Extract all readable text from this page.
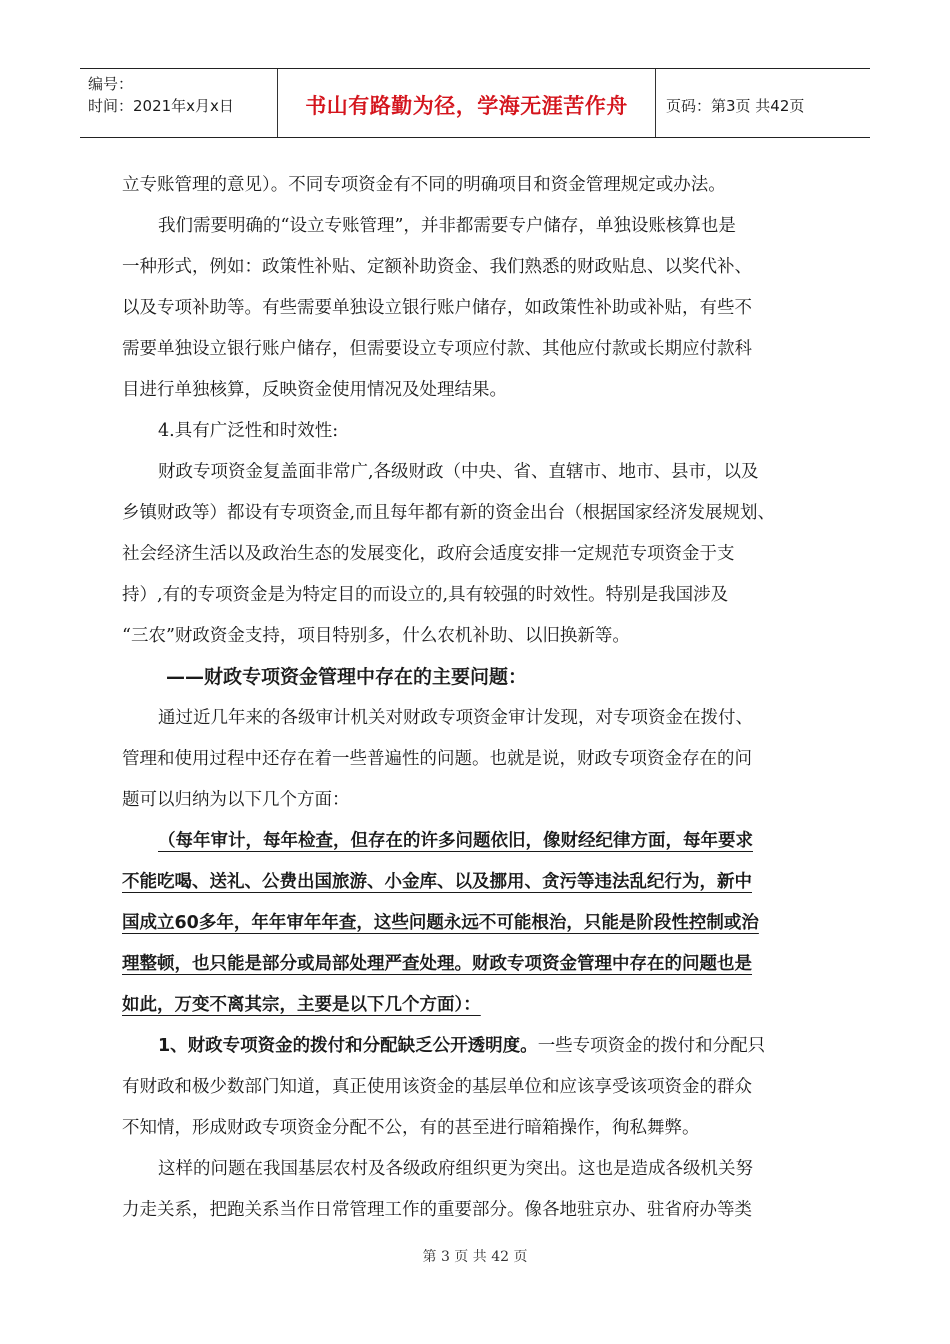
编号：
时间：2021年x月x日	书山有路勤为径，学海无涯苦作舟	页码：第3页 共42页
立专账管理的意见）。不同专项资金有不同的明确项目和资金管理规定或办法。
我们需要明确的“设立专账管理”，并非都需要专户储存，单独设账核算也是
一种形式，例如：政策性补贴、定额补助资金、我们熟悉的财政贴息、以奖代补、
以及专项补助等。有些需要单独设立银行账户储存，如政策性补助或补贴，有些不
需要单独设立银行账户储存，但需要设立专项应付款、其他应付款或长期应付款科
目进行单独核算，反映资金使用情况及处理结果。
4.具有广泛性和时效性:
财政专项资金复盖面非常广,各级财政（中央、省、直辖市、地市、县市，以及
乡镇财政等）都设有专项资金,而且每年都有新的资金出台（根据国家经济发展规划、
社会经济生活以及政治生态的发展变化，政府会适度安排一定规范专项资金于支
持）,有的专项资金是为特定目的而设立的,具有较强的时效性。特别是我国涉及
“三农”财政资金支持，项目特别多，什么农机补助、以旧换新等。
——财政专项资金管理中存在的主要问题：
通过近几年来的各级审计机关对财政专项资金审计发现，对专项资金在拨付、
管理和使用过程中还存在着一些普遍性的问题。也就是说，财政专项资金存在的问
题可以归纳为以下几个方面：
（每年审计，每年检查，但存在的许多问题依旧，像财经纪律方面，每年要求
不能吃喝、送礼、公费出国旅游、小金库、以及挪用、贪污等违法乱纪行为，新中
国成立60多年，年年审年年查，这些问题永远不可能根治，只能是阶段性控制或治
理整顿，也只能是部分或局部处理严查处理。财政专项资金管理中存在的问题也是
如此，万变不离其宗，主要是以下几个方面）：
1、财政专项资金的拨付和分配缺乏公开透明度。一些专项资金的拨付和分配只
有财政和极少数部门知道，真正使用该资金的基层单位和应该享受该项资金的群众
不知情，形成财政专项资金分配不公，有的甚至进行暗箱操作，徇私舞弊。
这样的问题在我国基层农村及各级政府组织更为突出。这也是造成各级机关努
力走关系，把跑关系当作日常管理工作的重要部分。像各地驻京办、驻省府办等类
第 3 页 共 42 页
